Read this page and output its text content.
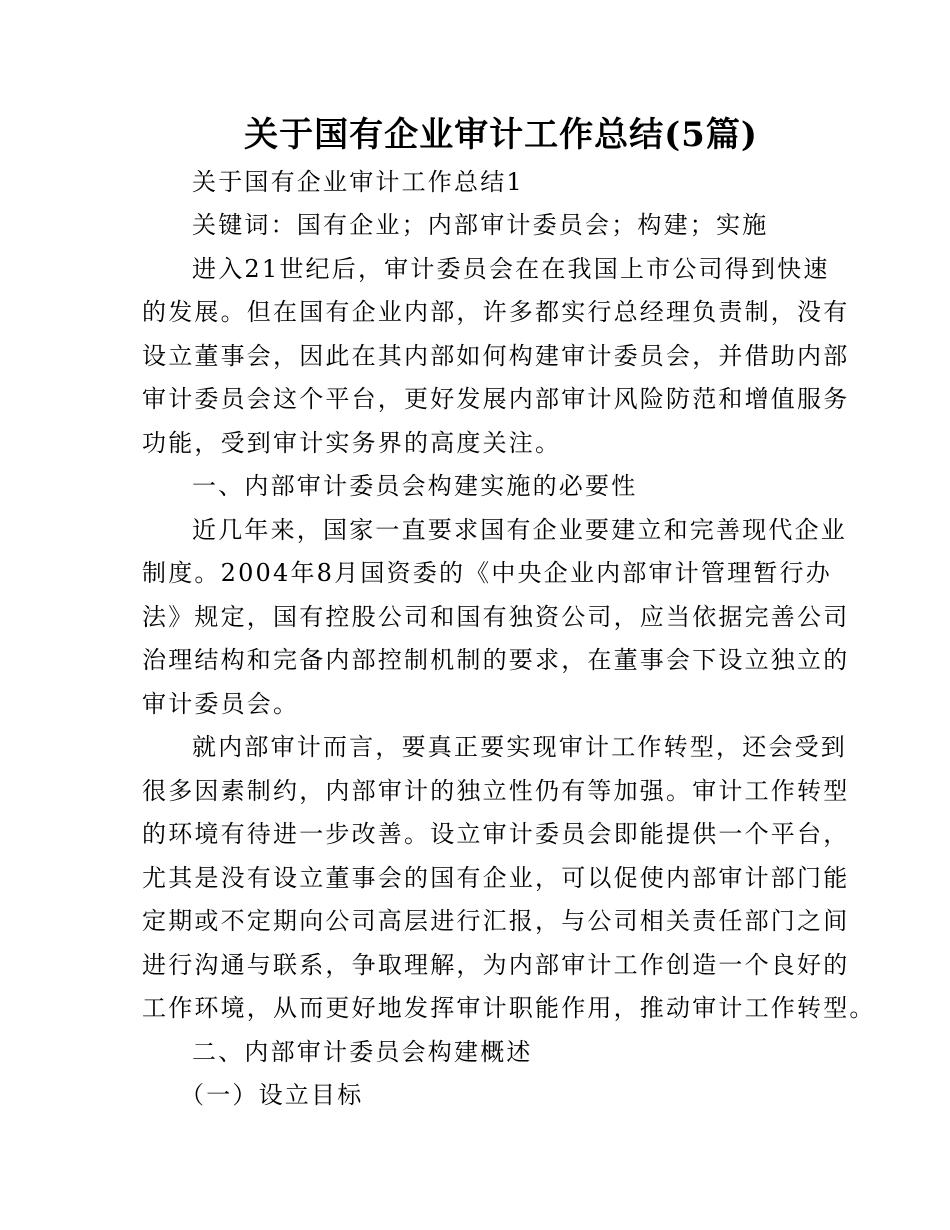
关于国有企业审计工作总结(5篇)
关于国有企业审计工作总结1
关键词：国有企业；内部审计委员会；构建；实施
进入21世纪后，审计委员会在在我国上市公司得到快速
的发展。但在国有企业内部，许多都实行总经理负责制，没有
设立董事会，因此在其内部如何构建审计委员会，并借助内部
审计委员会这个平台，更好发展内部审计风险防范和增值服务
功能，受到审计实务界的高度关注。
一、内部审计委员会构建实施的必要性
近几年来，国家一直要求国有企业要建立和完善现代企业
制度。2004年8月国资委的《中央企业内部审计管理暂行办
法》规定，国有控股公司和国有独资公司，应当依据完善公司
治理结构和完备内部控制机制的要求，在董事会下设立独立的
审计委员会。
就内部审计而言，要真正要实现审计工作转型，还会受到
很多因素制约，内部审计的独立性仍有等加强。审计工作转型
的环境有待进一步改善。设立审计委员会即能提供一个平台，
尤其是没有设立董事会的国有企业，可以促使内部审计部门能
定期或不定期向公司高层进行汇报，与公司相关责任部门之间
进行沟通与联系，争取理解，为内部审计工作创造一个良好的
工作环境，从而更好地发挥审计职能作用，推动审计工作转型。
二、内部审计委员会构建概述
（一）设立目标
